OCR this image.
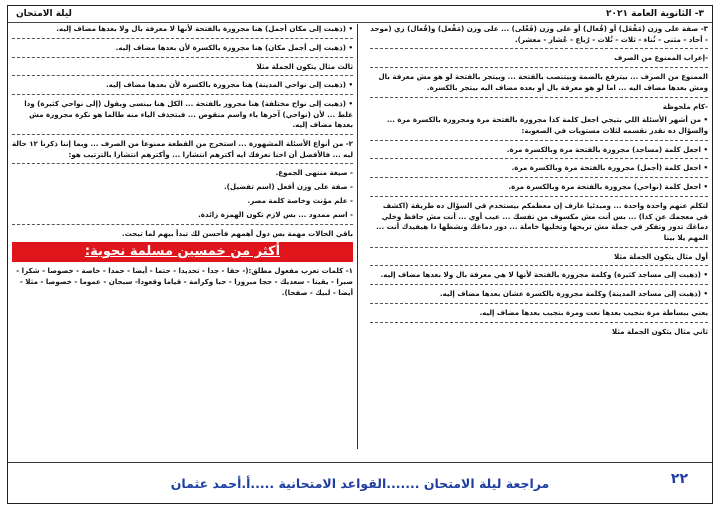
٣- الثانوية العامة ٢٠٢١
ليلة الامتحان

٣- صفة على وزن (مَفْعَل) أو (فُعال) أو على وزن (فَعْلى) ... على وزن (مَفْعل) و(فُعال) زي (موحد - أحاد - مثنى - ثُناء - ثلاث - ثُلاث - رُباع - عُشار - معشر).

-إعراب الممنوع من الصرف

الممنوع من الصرف ... بيترفع بالضمة وبيتنصب بالفتحة ... وبيتجر بالفتحة لو هو مش معرفة بال ومش بعدها مضاف اليه ... اما لو هو معرفة بال أو بعده مضاف اليه بيتجر بالكسرة.

-كام ملحوظة

• من أشهر الأسئلة اللي بتيجي اجعل كلمة كذا مجرورة بالفتحة مرة ومجرورة بالكسرة مرة ... والسؤال ده نقدر نقسمه لثلاث مستويات في الصعوبة:

• اجعل كلمة (مساجد) مجرورة بالفتحة مرة وبالكسرة مرة.

• اجعل كلمة (أجمل) مجرورة بالفتحة مرة وبالكسرة مرة.

• اجعل كلمة (نواحي) مجرورة بالفتحة مرة وبالكسرة مرة.

لتكلم عنهم واحدة واحدة ... ومبدئيا عارف إن معظمكم بيستخدم في السؤال ده طريقة (اكشف في معجمك عن كذا) ... بس أنت مش مكسوف من نفسك ... عيب أوي ... أنت مش حافظ وخلي دماغك تدور وتفكر في جملة مش تريحها وتخليها خاملة ... دور دماغك ونشطها دا هيفيدك أنت ... المهم يلا بينا

أول مثال يتكون الجملة مثلا

• (ذهبت إلى مساجد كثيرة) وكلمة مجرورة بالفتحة لأنها لا هي معرفة بال ولا بعدها مضاف إليه.

• (ذهبت إلى مساجد المدينة) وكلمة مجرورة بالكسرة عشان بعدها مضاف إليه.

يعني ببساطة مرة بنجيب بعدها نعت ومرة بنجيب بعدها مضاف إليه.

ثاني مثال يتكون الجملة مثلا

• (ذهبت إلى مكان أجمل) هنا مجرورة بالفتحة لأنها لا معرفة بال ولا بعدها مضاف إليه.

• (ذهبت إلى أجمل مكان) هنا مجرورة بالكسرة لأن بعدها مضاف إليه.

ثالث مثال يتكون الجملة مثلا

• (ذهبت إلى نواحي المدينة) هنا مجرورة بالكسرة لأن بعدها مضاف إليه.

• (ذهبت إلى نواح مختلفة) هنا مجرور بالفتحة ... الكل هنا بينسى ويقول (إلى نواحي كثيرة) ودا غلط ... لأن (نواحي) آخرها ياء واسم منقوص ... فبتحذف الياء منه طالما هو نكرة مجرورة مش بعدها مضاف إليه.

٢- من أنواع الأسئلة المشهورة ... استخرج من القطعة ممنوعا من الصرف ... وبما إننا ذكرنا ١٢ حالة ليه ... فالأفضل أن احنا نعرفك ايه أكترهم انتشارا ... وأكترهم انتشارا بالترتيب هو:

- صيغة منتهى الجموع.

- صفة على وزن أفعل (اسم تفضيل).

- علم مؤنث وخاصة كلمة مصر.

- اسم ممدود ... بس لازم تكون الهمزة زائدة.

باقي الحالات مهمة بس دول أهمهم فأحسن لك تبدأ بيهم لما تبحث.

أكثر من خمسين مسلمة نحوية:

١- كلمات تعرب مفعول مطلق:(- حقا - جدا - تحديدا - حتما - أيضا - حمدا - خاصة - خصوصا - شكرا - صبرا - يقينا - سعديك - حجا مبرورا - حبا وكرامة - قياما وقعودا- سبحان - عموما - خصوصا - مثلا - أيضا - لبيك - صفحا).

مراجعة ليلة الامتحان .......القواعد الامتحانية .....أ.أحمد عثمان	٢٢
